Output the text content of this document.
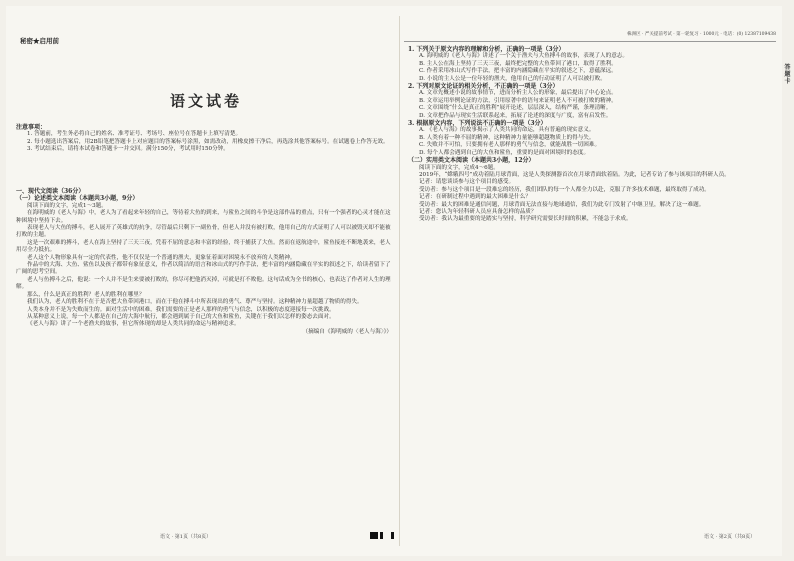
秘密★启用前
语文试卷

注意事项：

1. 答题前，考生务必将自己的姓名、准考证号、考场号、座位号在答题卡上填写清楚。

2. 每小题选出答案后，用2B铅笔把答题卡上对应题目的答案标号涂黑，如需改动，用橡皮擦干净后，再选涂其他答案标号。在试题卷上作答无效。

3. 考试结束后，请将本试卷和答题卡一并交回。满分150分，考试用时150分钟。

一、现代文阅读（36分）

（一）论述类文本阅读（本题共3小题，9分）

阅读下面的文字，完成1～3题。

在海明威的《老人与海》中，老人为了看起来年轻的自己，等待着大鱼的到来，与鲨鱼之间的斗争是这部作品的重点，只有一个强者的心灵才能在这种困境中坚持下去。

表现老人与大鱼的搏斗，老人展开了英雄式的抗争，尽管最后只剩下一副鱼骨，但老人并没有被打败，他用自己的方式证明了人可以被毁灭却不能被打败的主题。

这是一次艰难的搏斗，老人在海上坚持了三天三夜，凭着不屈的意志和丰富的经验，终于捕获了大鱼。然而在返航途中，鲨鱼接连不断地袭来，老人用尽全力抵抗。

老人这个人物形象具有一定的代表性，他不仅仅是一个普通的渔夫，更象征着面对困境永不放弃的人类精神。

作品中的大海、大鱼、鲨鱼以及孩子都带有象征意义，作者以简洁的语言和冰山式的写作手法，把丰富的内涵隐藏在平实的叙述之下，给读者留下了广阔的思考空间。

老人与鱼搏斗之后，他说：一个人并不是生来要被打败的，你尽可把他消灭掉，可就是打不败他。这句话成为全书的核心，也表达了作者对人生的理解。

那么，什么是真正的胜利？老人的胜利在哪里？

我们认为，老人的胜利不在于是否把大鱼带回港口，而在于他在搏斗中所表现出的勇气、尊严与坚持。这种精神力量超越了物质的得失。

人类本身并不是为失败而生的。面对生活中的困难，我们需要的正是老人那样的勇气与信念，以积极的态度迎接每一次挑战。

从某种意义上说，每一个人都是在自己的大海中航行，都会遇到属于自己的大鱼和鲨鱼，关键在于我们以怎样的姿态去面对。

《老人与海》讲了一个老渔夫的故事，但它所体现的却是人类共同的命运与精神追求。

（摘编自《海明威的〈老人与海〉》）

语文 · 第1页（共8页）
株洲区 · 严关提前考试 · 第一轮复习 · 1000元 · 电话：(0) 12387109438

1. 下列关于原文内容的理解和分析，正确的一项是（3分）

A. 海明威的《老人与海》讲述了一个关于渔夫与大鱼搏斗的故事，表现了人的意志。

B. 主人公在海上坚持了三天三夜，最终把完整的大鱼带回了港口，取得了胜利。

C. 作者采用冰山式写作手法，把丰富的内涵隐藏在平实的叙述之下，意蕴深远。

D. 小说的主人公是一位年轻的渔夫，他用自己的行动证明了人可以被打败。

2. 下列对原文论证的相关分析，不正确的一项是（3分）

A. 文章先概述小说的故事情节，进而分析主人公的形象，最后提出了中心论点。

B. 文章运用举例论证的方法，引用原著中的语句来证明老人不可被打败的精神。

C. 文章围绕“什么是真正的胜利”展开论述，层层深入，结构严谨，条理清晰。

D. 文章把作品与现实生活联系起来，拓展了论述的深度与广度，富有启发性。

3. 根据原文内容，下列说法不正确的一项是（3分）

A. 《老人与海》的故事揭示了人类共同的命运，具有普遍的现实意义。

B. 人类有着一种不屈的精神，这种精神力量能够超越物质上的得与失。

C. 失败并不可怕，只要拥有老人那样的勇气与信念，就能战胜一切困难。

D. 每个人都会遇到自己的大鱼和鲨鱼，重要的是面对困境时的态度。

（二）实用类文本阅读（本题共3小题，12分）

阅读下面的文字，完成4～6题。

2019年，“嫦娥四号”成功着陆月球背面，这是人类探测器首次在月球背面软着陆。为此，记者专访了参与该项目的科研人员。

记者：请您谈谈参与这个项目的感受。

受访者：参与这个项目是一段难忘的经历，我们团队的每一个人都全力以赴，克服了许多技术难题，最终取得了成功。

记者：在研制过程中遇到的最大困难是什么？

受访者：最大的困难是通信问题，月球背面无法直接与地球通信，我们为此专门发射了中继卫星，解决了这一难题。

记者：您认为年轻科研人员应具备怎样的品质？

受访者：我认为最重要的是踏实与坚持，科学研究需要长时间的积累，不能急于求成。

语文 · 第2页（共8页）
答题卡
